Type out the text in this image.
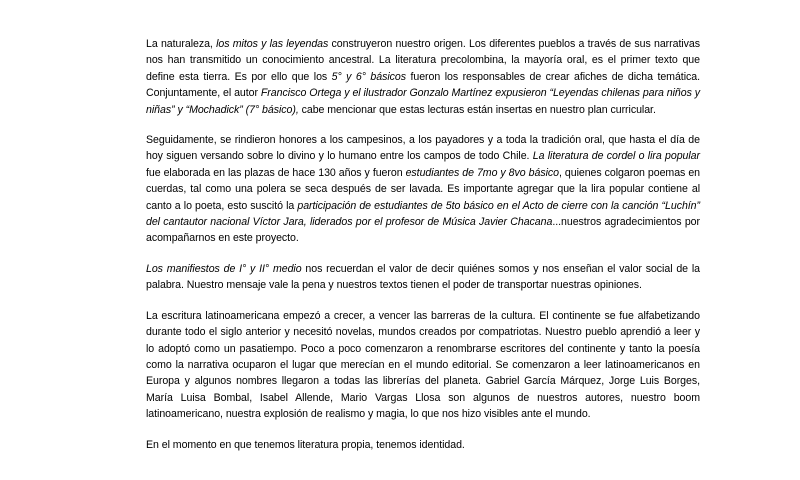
La naturaleza, los mitos y las leyendas construyeron nuestro origen. Los diferentes pueblos a través de sus narrativas nos han transmitido un conocimiento ancestral. La literatura precolombina, la mayoría oral, es el primer texto que define esta tierra. Es por ello que los 5° y 6° básicos fueron los responsables de crear afiches de dicha temática. Conjuntamente, el autor Francisco Ortega y el ilustrador Gonzalo Martínez expusieron “Leyendas chilenas para niños y niñas” y “Mochadick” (7° básico), cabe mencionar que estas lecturas están insertas en nuestro plan curricular.

Seguidamente, se rindieron honores a los campesinos, a los payadores y a toda la tradición oral, que hasta el día de hoy siguen versando sobre lo divino y lo humano entre los campos de todo Chile. La literatura de cordel o lira popular fue elaborada en las plazas de hace 130 años y fueron estudiantes de 7mo y 8vo básico, quienes colgaron poemas en cuerdas, tal como una polera se seca después de ser lavada. Es importante agregar que la lira popular contiene al canto a lo poeta, esto suscitó la participación de estudiantes de 5to básico en el Acto de cierre con la canción “Luchín” del cantautor nacional Víctor Jara, liderados por el profesor de Música Javier Chacana...nuestros agradecimientos por acompañarnos en este proyecto.

Los manifiestos de I° y II° medio nos recuerdan el valor de decir quiénes somos y nos enseñan el valor social de la palabra. Nuestro mensaje vale la pena y nuestros textos tienen el poder de transportar nuestras opiniones.

La escritura latinoamericana empezó a crecer, a vencer las barreras de la cultura. El continente se fue alfabetizando durante todo el siglo anterior y necesitó novelas, mundos creados por compatriotas. Nuestro pueblo aprendió a leer y lo adoptó como un pasatiempo. Poco a poco comenzaron a renombrarse escritores del continente y tanto la poesía como la narrativa ocuparon el lugar que merecían en el mundo editorial. Se comenzaron a leer latinoamericanos en Europa y algunos nombres llegaron a todas las librerías del planeta. Gabriel García Márquez, Jorge Luis Borges, María Luisa Bombal, Isabel Allende, Mario Vargas Llosa son algunos de nuestros autores, nuestro boom latinoamericano, nuestra explosión de realismo y magia, lo que nos hizo visibles ante el mundo.

En el momento en que tenemos literatura propia, tenemos identidad.
